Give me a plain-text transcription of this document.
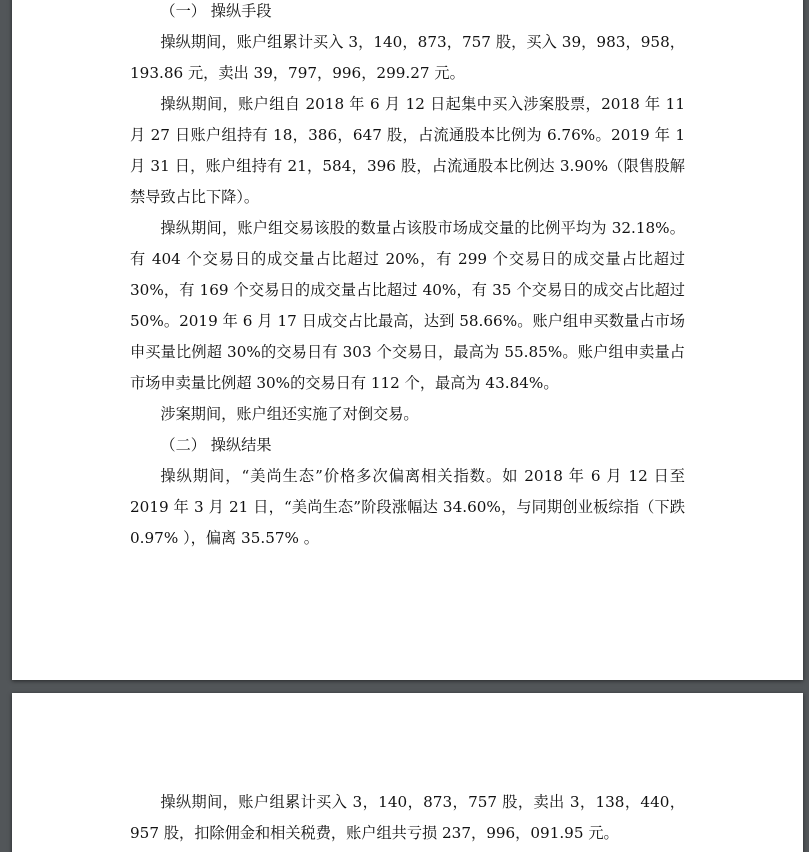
（一） 操纵手段

操纵期间，账户组累计买入 3，140，873，757 股，买入 39，983，958，193.86 元，卖出 39，797，996，299.27 元。

操纵期间，账户组自 2018 年 6 月 12 日起集中买入涉案股票，2018 年 11 月 27 日账户组持有 18，386，647 股，占流通股本比例为 6.76%。2019 年 1 月 31 日，账户组持有 21，584，396 股，占流通股本比例达 3.90%（限售股解禁导致占比下降）。

操纵期间，账户组交易该股的数量占该股市场成交量的比例平均为 32.18%。有 404 个交易日的成交量占比超过 20%，有 299 个交易日的成交量占比超过 30%，有 169 个交易日的成交量占比超过 40%，有 35 个交易日的成交占比超过 50%。2019 年 6 月 17 日成交占比最高，达到 58.66%。账户组申买数量占市场申买量比例超 30%的交易日有 303 个交易日，最高为 55.85%。账户组申卖量占市场申卖量比例超 30%的交易日有 112 个，最高为 43.84%。

涉案期间，账户组还实施了对倒交易。

（二） 操纵结果

操纵期间，“美尚生态”价格多次偏离相关指数。如 2018 年 6 月 12 日至 2019 年 3 月 21 日，“美尚生态”阶段涨幅达 34.60%，与同期创业板综指（下跌 0.97% ），偏离 35.57% 。

操纵期间，账户组累计买入 3，140，873，757 股，卖出 3，138，440，957 股，扣除佣金和相关税费，账户组共亏损 237，996，091.95 元。
